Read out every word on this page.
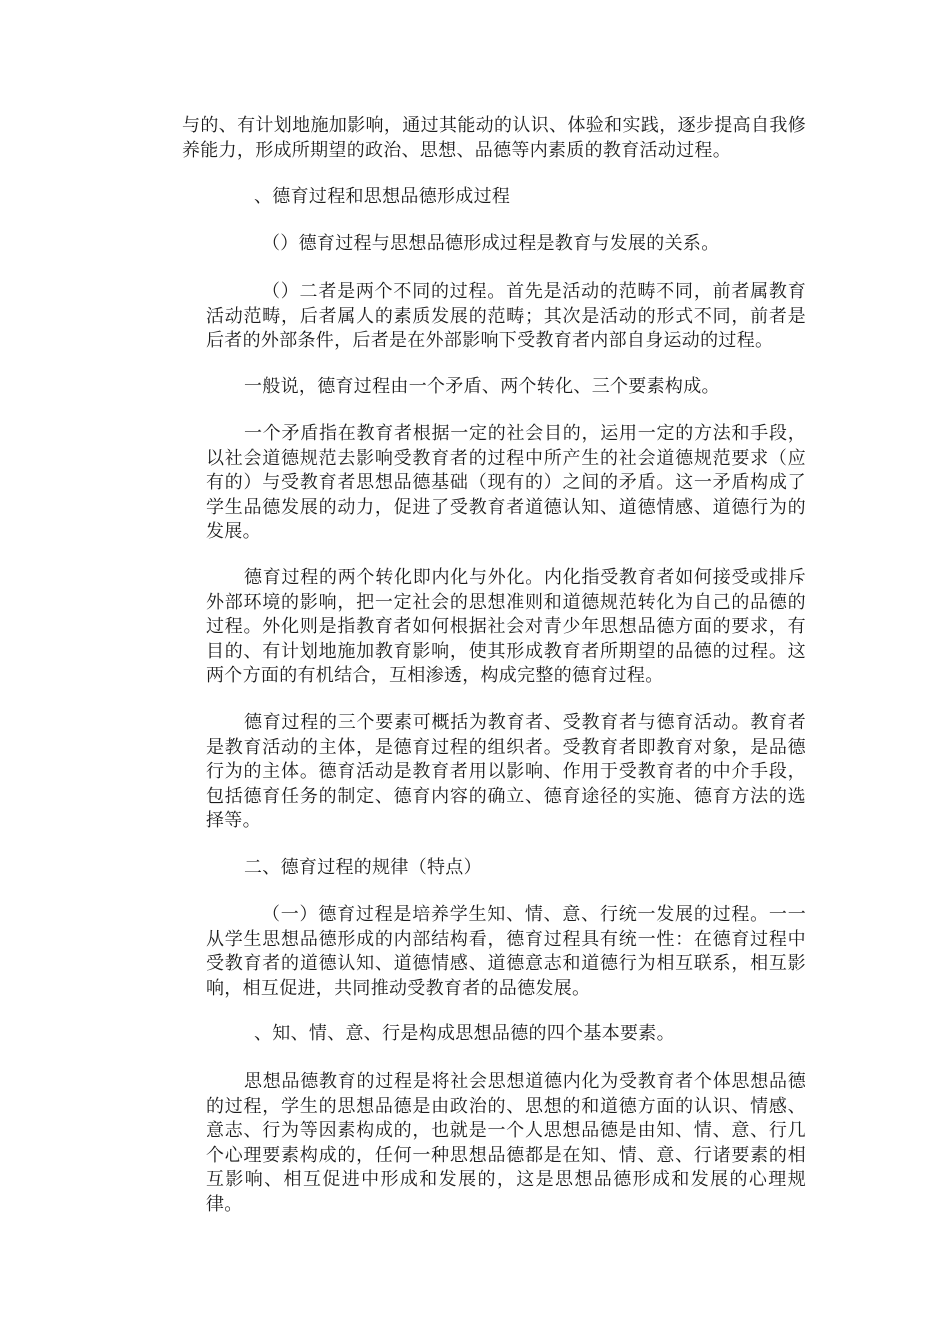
与的、有计划地施加影响，通过其能动的认识、体验和实践，逐步提高自我修养能力，形成所期望的政治、思想、品德等内素质的教育活动过程。

、德育过程和思想品德形成过程

（）德育过程与思想品德形成过程是教育与发展的关系。

（）二者是两个不同的过程。首先是活动的范畴不同，前者属教育活动范畴，后者属人的素质发展的范畴；其次是活动的形式不同，前者是后者的外部条件，后者是在外部影响下受教育者内部自身运动的过程。

一般说，德育过程由一个矛盾、两个转化、三个要素构成。

一个矛盾指在教育者根据一定的社会目的，运用一定的方法和手段，以社会道德规范去影响受教育者的过程中所产生的社会道德规范要求（应有的）与受教育者思想品德基础（现有的）之间的矛盾。这一矛盾构成了学生品德发展的动力，促进了受教育者道德认知、道德情感、道德行为的发展。

德育过程的两个转化即内化与外化。内化指受教育者如何接受或排斥外部环境的影响，把一定社会的思想准则和道德规范转化为自己的品德的过程。外化则是指教育者如何根据社会对青少年思想品德方面的要求，有目的、有计划地施加教育影响，使其形成教育者所期望的品德的过程。这两个方面的有机结合，互相渗透，构成完整的德育过程。

德育过程的三个要素可概括为教育者、受教育者与德育活动。教育者是教育活动的主体，是德育过程的组织者。受教育者即教育对象，是品德行为的主体。德育活动是教育者用以影响、作用于受教育者的中介手段，包括德育任务的制定、德育内容的确立、德育途径的实施、德育方法的选择等。

二、德育过程的规律（特点）

（一）德育过程是培养学生知、情、意、行统一发展的过程。一一从学生思想品德形成的内部结构看，德育过程具有统一性：在德育过程中受教育者的道德认知、道德情感、道德意志和道德行为相互联系，相互影响，相互促进，共同推动受教育者的品德发展。

、知、情、意、行是构成思想品德的四个基本要素。

思想品德教育的过程是将社会思想道德内化为受教育者个体思想品德的过程，学生的思想品德是由政治的、思想的和道德方面的认识、情感、意志、行为等因素构成的，也就是一个人思想品德是由知、情、意、行几个心理要素构成的，任何一种思想品德都是在知、情、意、行诸要素的相互影响、相互促进中形成和发展的，这是思想品德形成和发展的心理规律。
